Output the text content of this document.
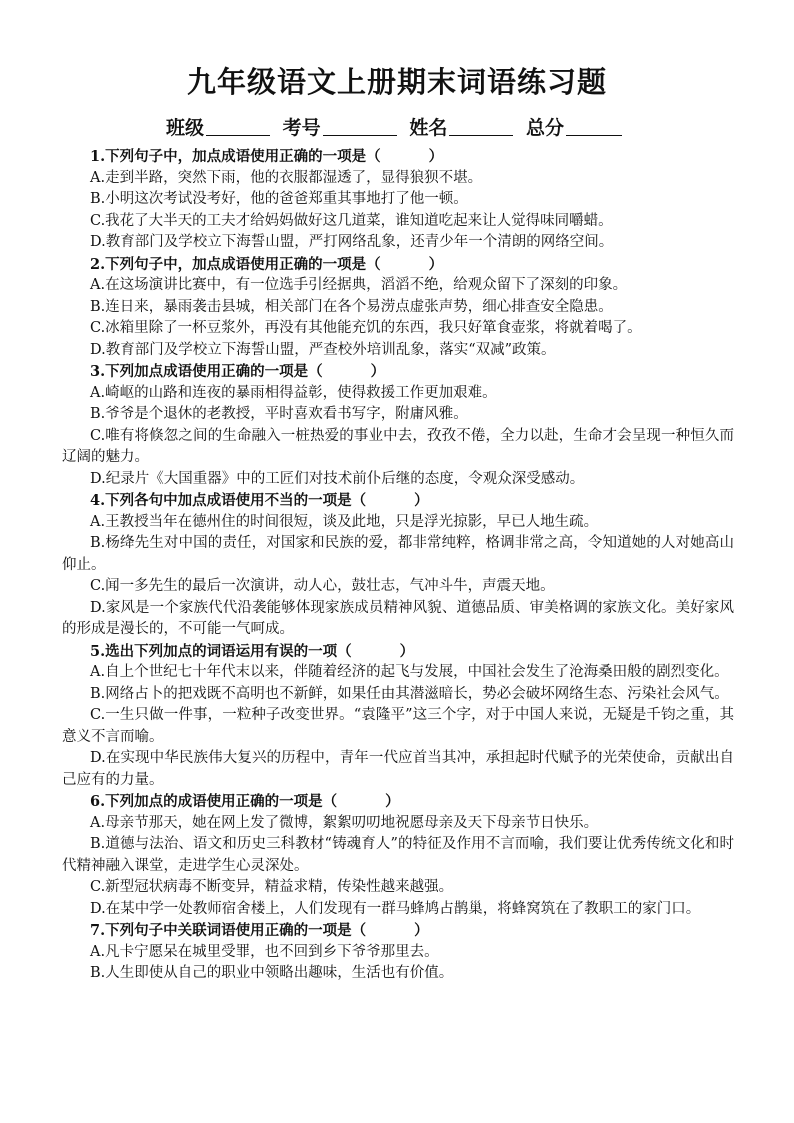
九年级语文上册期末词语练习题
班级	考号	姓名	总分
1.下列句子中，加点成语使用正确的一项是（	）
A.走到半路，突然下雨，他的衣服都湿透了，显得狼狈不堪。
B.小明这次考试没考好，他的爸爸郑重其事地打了他一顿。
C.我花了大半天的工夫才给妈妈做好这几道菜，谁知道吃起来让人觉得味同嚼蜡。
D.教育部门及学校立下海誓山盟，严打网络乱象，还青少年一个清朗的网络空间。
2.下列句子中，加点成语使用正确的一项是（	）
A.在这场演讲比赛中，有一位选手引经据典，滔滔不绝，给观众留下了深刻的印象。
B.连日来，暴雨袭击县城，相关部门在各个易涝点虚张声势，细心排查安全隐患。
C.冰箱里除了一杯豆浆外，再没有其他能充饥的东西，我只好箪食壶浆，将就着喝了。
D.教育部门及学校立下海誓山盟，严查校外培训乱象，落实“双减”政策。
3.下列加点成语使用正确的一项是（	）
A.崎岖的山路和连夜的暴雨相得益彰，使得救援工作更加艰难。
B.爷爷是个退休的老教授，平时喜欢看书写字，附庸风雅。
C.唯有将倏忽之间的生命融入一桩热爱的事业中去，孜孜不倦，全力以赴，生命才会呈现一种恒久而辽阔的魅力。
D.纪录片《大国重器》中的工匠们对技术前仆后继的态度，令观众深受感动。
4.下列各句中加点成语使用不当的一项是（	）
A.王教授当年在德州住的时间很短，谈及此地，只是浮光掠影，早已人地生疏。
B.杨绛先生对中国的责任，对国家和民族的爱，都非常纯粹，格调非常之高，令知道她的人对她高山仰止。
C.闻一多先生的最后一次演讲，动人心，鼓壮志，气冲斗牛，声震天地。
D.家风是一个家族代代沿袭能够体现家族成员精神风貌、道德品质、审美格调的家族文化。美好家风的形成是漫长的，不可能一气呵成。
5.选出下列加点的词语运用有误的一项（	）
A.自上个世纪七十年代末以来，伴随着经济的起飞与发展，中国社会发生了沧海桑田般的剧烈变化。
B.网络占卜的把戏既不高明也不新鲜，如果任由其潜滋暗长，势必会破坏网络生态、污染社会风气。
C.一生只做一件事，一粒种子改变世界。“袁隆平”这三个字，对于中国人来说，无疑是千钧之重，其意义不言而喻。
D.在实现中华民族伟大复兴的历程中，青年一代应首当其冲，承担起时代赋予的光荣使命，贡献出自己应有的力量。
6.下列加点的成语使用正确的一项是（	）
A.母亲节那天，她在网上发了微博，絮絮叨叨地祝愿母亲及天下母亲节日快乐。
B.道德与法治、语文和历史三科教材“铸魂育人”的特征及作用不言而喻，我们要让优秀传统文化和时代精神融入课堂，走进学生心灵深处。
C.新型冠状病毒不断变异，精益求精，传染性越来越强。
D.在某中学一处教师宿舍楼上，人们发现有一群马蜂鸠占鹊巢，将蜂窝筑在了教职工的家门口。
7.下列句子中关联词语使用正确的一项是（	）
A.凡卡宁愿呆在城里受罪，也不回到乡下爷爷那里去。
B.人生即使从自己的职业中领略出趣味，生活也有价值。
